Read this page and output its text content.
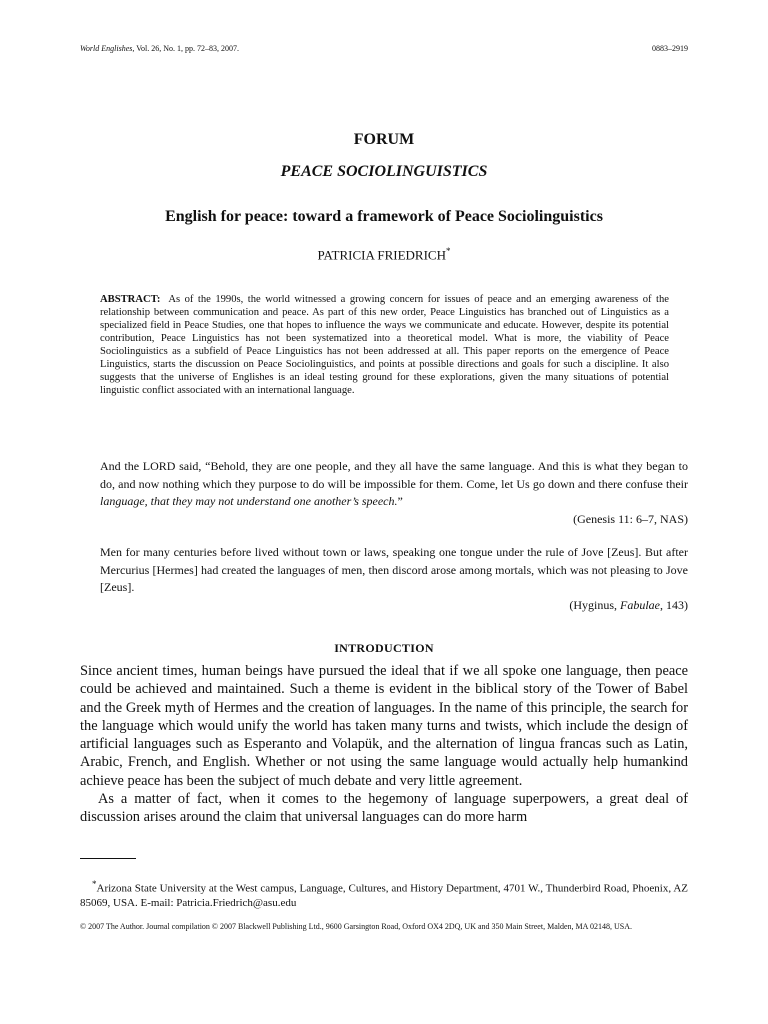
World Englishes, Vol. 26, No. 1, pp. 72–83, 2007.	0883–2919
FORUM
PEACE SOCIOLINGUISTICS
English for peace: toward a framework of Peace Sociolinguistics
PATRICIA FRIEDRICH*
ABSTRACT: As of the 1990s, the world witnessed a growing concern for issues of peace and an emerging awareness of the relationship between communication and peace. As part of this new order, Peace Linguistics has branched out of Linguistics as a specialized field in Peace Studies, one that hopes to influence the ways we communicate and educate. However, despite its potential contribution, Peace Linguistics has not been systematized into a theoretical model. What is more, the viability of Peace Sociolinguistics as a subfield of Peace Linguistics has not been addressed at all. This paper reports on the emergence of Peace Linguistics, starts the discussion on Peace Sociolinguistics, and points at possible directions and goals for such a discipline. It also suggests that the universe of Englishes is an ideal testing ground for these explorations, given the many situations of potential linguistic conflict associated with an international language.
And the LORD said, “Behold, they are one people, and they all have the same language. And this is what they began to do, and now nothing which they purpose to do will be impossible for them. Come, let Us go down and there confuse their language, that they may not understand one another’s speech.”
(Genesis 11: 6–7, NAS)
Men for many centuries before lived without town or laws, speaking one tongue under the rule of Jove [Zeus]. But after Mercurius [Hermes] had created the languages of men, then discord arose among mortals, which was not pleasing to Jove [Zeus].
(Hyginus, Fabulae, 143)
INTRODUCTION

Since ancient times, human beings have pursued the ideal that if we all spoke one language, then peace could be achieved and maintained. Such a theme is evident in the biblical story of the Tower of Babel and the Greek myth of Hermes and the creation of languages. In the name of this principle, the search for the language which would unify the world has taken many turns and twists, which include the design of artificial languages such as Esperanto and Volapük, and the alternation of lingua francas such as Latin, Arabic, French, and English. Whether or not using the same language would actually help humankind achieve peace has been the subject of much debate and very little agreement.

As a matter of fact, when it comes to the hegemony of language superpowers, a great deal of discussion arises around the claim that universal languages can do more harm

*Arizona State University at the West campus, Language, Cultures, and History Department, 4701 W., Thunderbird Road, Phoenix, AZ 85069, USA. E-mail: Patricia.Friedrich@asu.edu
© 2007 The Author. Journal compilation © 2007 Blackwell Publishing Ltd., 9600 Garsington Road, Oxford OX4 2DQ, UK and 350 Main Street, Malden, MA 02148, USA.
